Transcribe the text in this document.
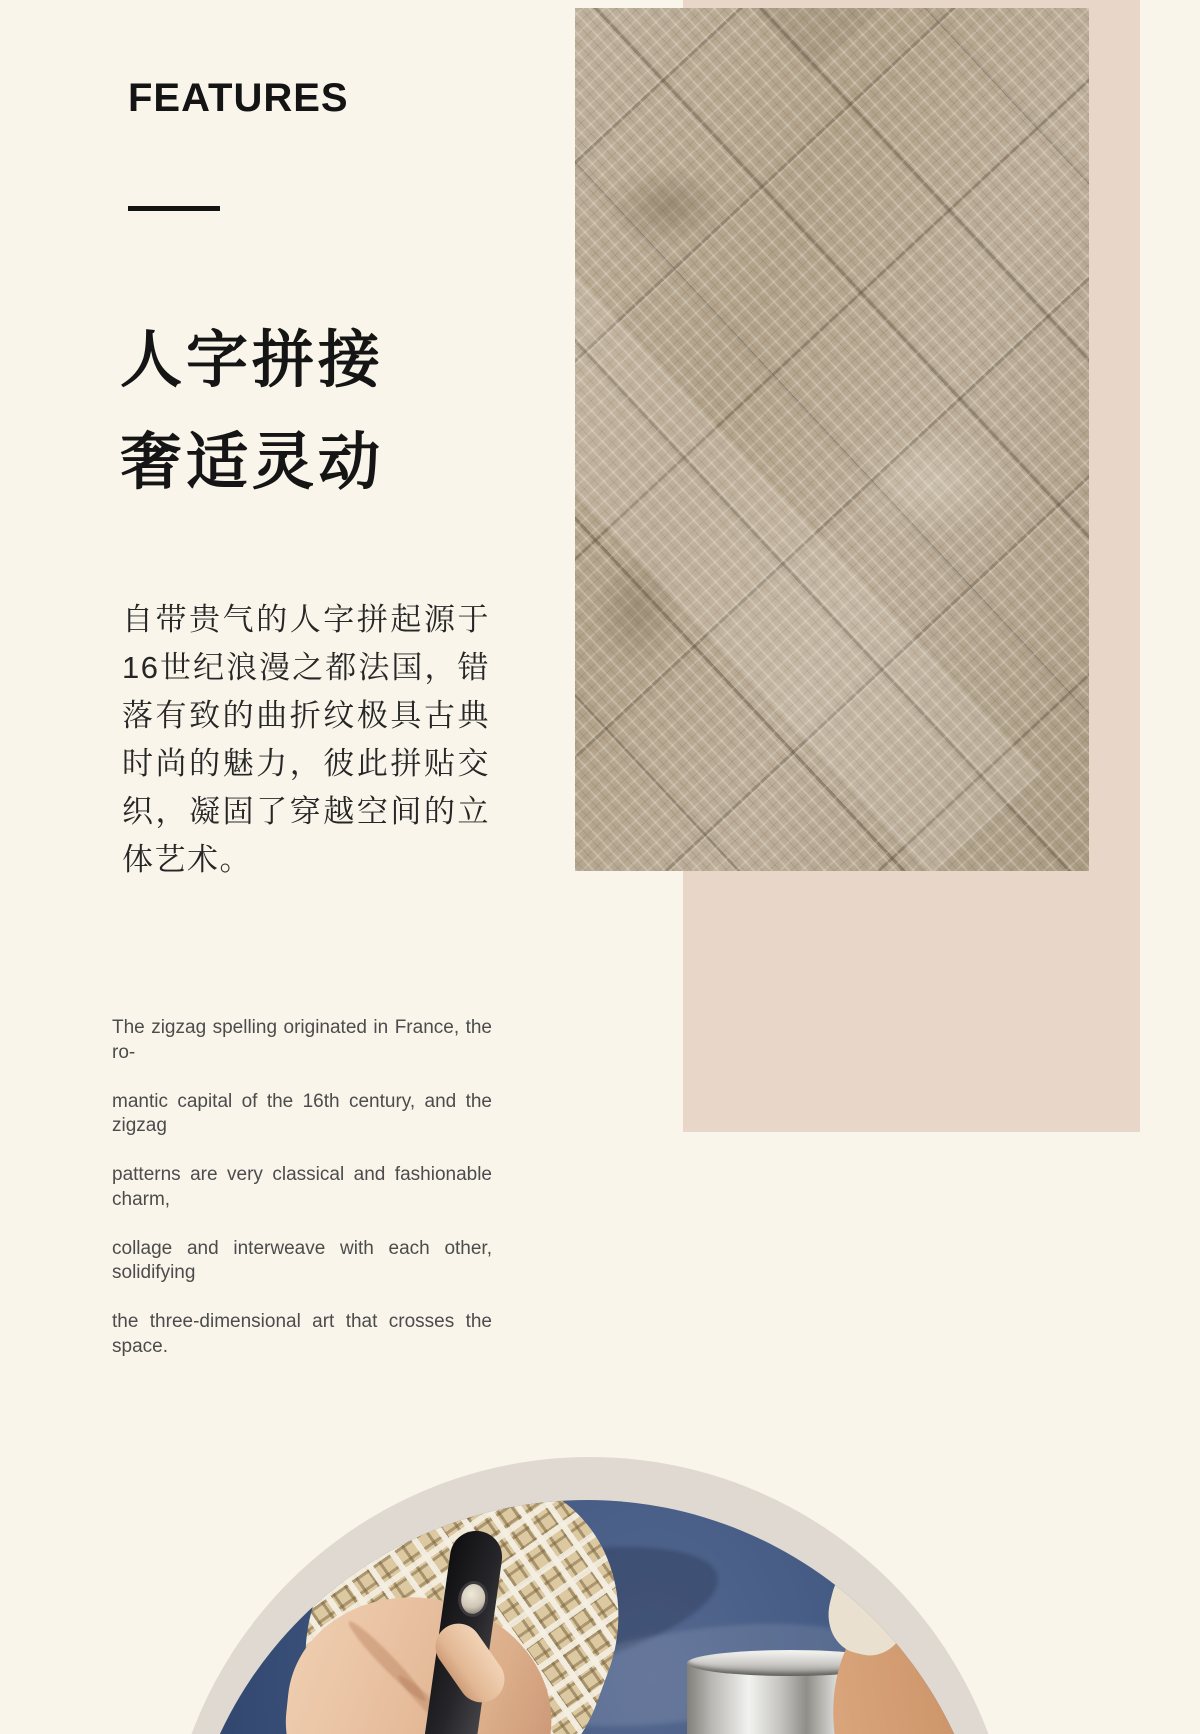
FEATURES
人字拼接
奢适灵动
自带贵气的人字拼起源于16世纪浪漫之都法国，错落有致的曲折纹极具古典时尚的魅力，彼此拼贴交织，凝固了穿越空间的立体艺术。
The zigzag spelling originated in France, the ro-
mantic capital of the 16th century, and the zigzag
patterns are very classical and fashionable charm,
collage and interweave with each other, solidifying
the three-dimensional art that crosses the space.
